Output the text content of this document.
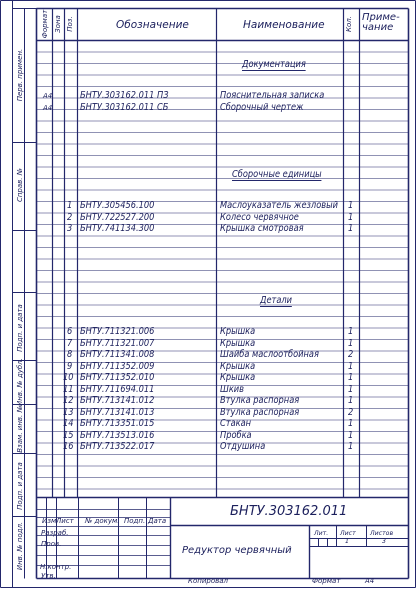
Формат Зона Поз.	Обозначение	Наименование	Кол. Приме-чание
Документация
Сборочные единицы
Детали
А4	БНТУ.303162.011 ПЗ	Пояснительная записка
А4	БНТУ.303162.011 СБ	Сборочный чертеж
1 БНТУ.305456.100	Маслоуказатель жезловый 1
2 БНТУ.722527.200	Колесо червячное	1
3 БНТУ.741134.300	Крышка смотровая	1
6 БНТУ.711321.006	Крышка	1
7 БНТУ.711321.007	Крышка	1
8 БНТУ.711341.008	Шайба маслоотбойная	2
9 БНТУ.711352.009	Крышка	1
10 БНТУ.711352.010	Крышка	1
11 БНТУ.711694.011	Шкив	1
12 БНТУ.713141.012	Втулка распорная	1
13 БНТУ.713141.013	Втулка распорная	2
14 БНТУ.713351.015	Стакан	1
15 БНТУ.713513.016	Пробка	1
16 БНТУ.713522.017	Отдушина	1
Перв. примен.
Справ. №
Подп. и дата
Инв. № дубл.
Взам. инв. №
Подп. и дата
Инв. № подл.
Изм Лист № докум. Подп. Дата
Разраб.
Пров.
Н.контр.
Утв.
БНТУ.303162.011
Редуктор червячный
Лит. Лист Листов
1	3
Копировал	Формат	А4
